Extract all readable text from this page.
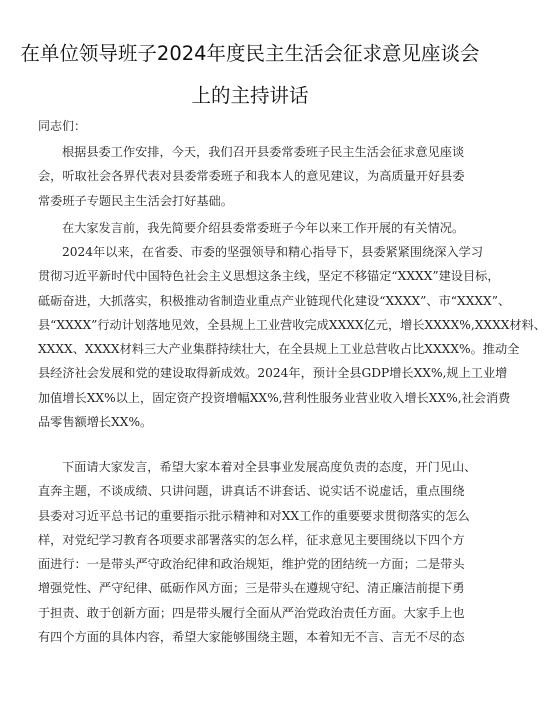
在单位领导班子2024年度民主生活会征求意见座谈会
上的主持讲话
同志们：
根据县委工作安排，今天，我们召开县委常委班子民主生活会征求意见座谈
会，听取社会各界代表对县委常委班子和我本人的意见建议，为高质量开好县委
常委班子专题民主生活会打好基础。
在大家发言前，我先简要介绍县委常委班子今年以来工作开展的有关情况。
2024年以来，在省委、市委的坚强领导和精心指导下，县委紧紧围绕深入学习
贯彻习近平新时代中国特色社会主义思想这条主线，坚定不移锚定“XXXX”建设目标，
砥砺奋进，大抓落实，积极推动省制造业重点产业链现代化建设“XXXX”、市“XXXX”、
县“XXXX”行动计划落地见效，全县规上工业营收完成XXXX亿元，增长XXXX%,XXXX材料、
XXXX、XXXX材料三大产业集群持续壮大，在全县规上工业总营收占比XXXX%。推动全
县经济社会发展和党的建设取得新成效。2024年，预计全县GDP增长XX%,规上工业增
加值增长XX%以上，固定资产投资增幅XX%,营利性服务业营业收入增长XX%,社会消费
品零售额增长XX%。
下面请大家发言，希望大家本着对全县事业发展高度负责的态度，开门见山、
直奔主题，不谈成绩、只讲问题，讲真话不讲套话、说实话不说虚话，重点围绕
县委对习近平总书记的重要指示批示精神和对XX工作的重要要求贯彻落实的怎么
样，对党纪学习教育各项要求部署落实的怎么样，征求意见主要围绕以下四个方
面进行：一是带头严守政治纪律和政治规矩，维护党的团结统一方面；二是带头
增强党性、严守纪律、砥砺作风方面；三是带头在遵规守纪、清正廉洁前提下勇
于担责、敢于创新方面；四是带头履行全面从严治党政治责任方面。大家手上也
有四个方面的具体内容，希望大家能够围绕主题，本着知无不言、言无不尽的态
